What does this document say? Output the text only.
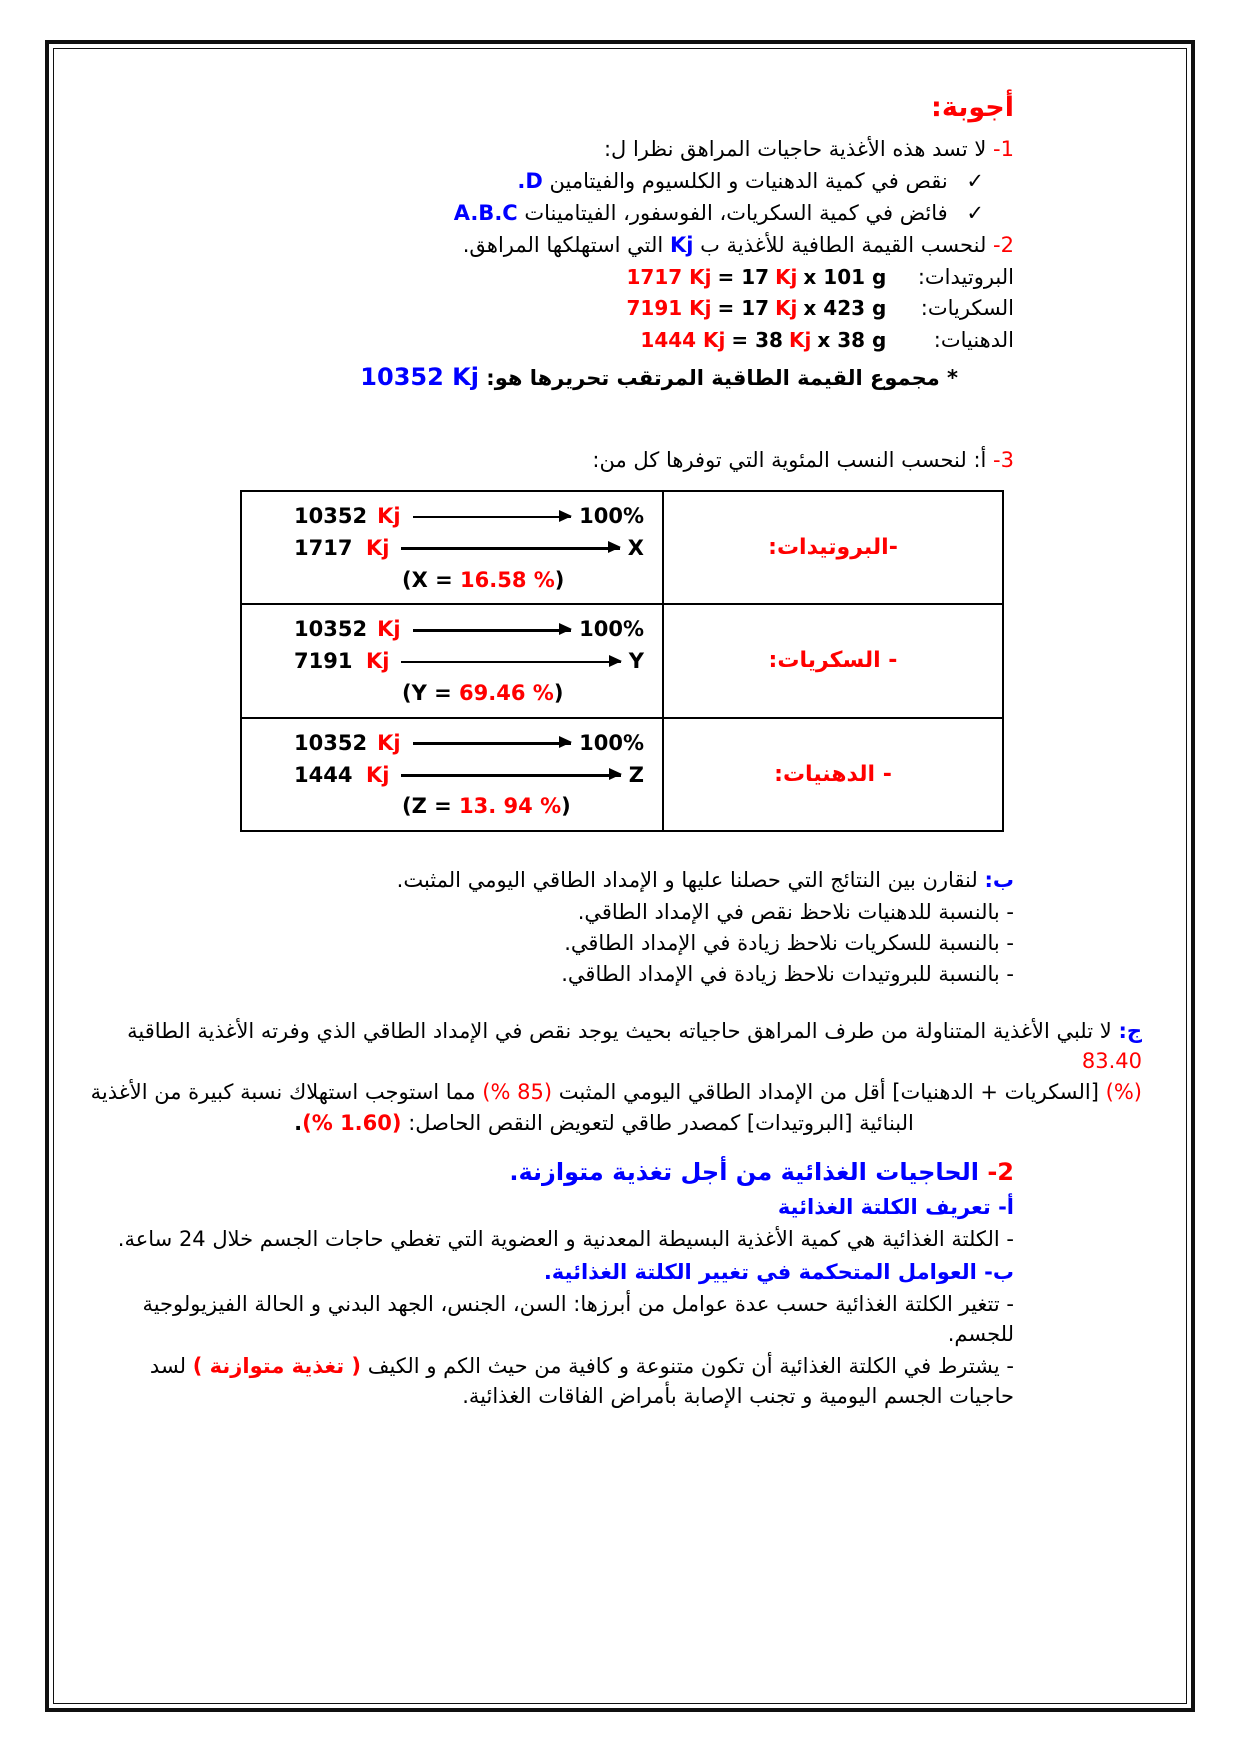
أجوبة:

1- لا تسد هذه الأغذية حاجيات المراهق نظرا ل:

✓ نقص في كمية الدهنيات و الكلسيوم والفيتامين D.

✓ فائض في كمية السكريات، الفوسفور، الفيتامينات A.B.C

2- لنحسب القيمة الطافية للأغذية ب Kj التي استهلكها المراهق.

البروتيدات: 1717 Kj = 17 Kj x 101 g

السكريات: 7191 Kj = 17 Kj x 423 g

الدهنيات: 1444 Kj = 38 Kj x 38 g

* مجموع القيمة الطاقية المرتقب تحريرها هو: 10352 Kj

3- أ: لنحسب النسب المئوية التي توفرها كل من:

-البروتيدات:	
10352 Kj	100%
1717 Kj	X
(X = 16.58 %)

- السكريات:	
10352 Kj	100%
7191 Kj	Y
(Y = 69.46 %)

- الدهنيات:	
10352 Kj	100%
1444 Kj	Z
(Z = 13. 94 %)

ب: لنقارن بين النتائج التي حصلنا عليها و الإمداد الطاقي اليومي المثبت.

- بالنسبة للدهنيات نلاحظ نقص في الإمداد الطاقي.

- بالنسبة للسكريات نلاحظ زيادة في الإمداد الطاقي.

- بالنسبة للبروتيدات نلاحظ زيادة في الإمداد الطاقي.

ج: لا تلبي الأغذية المتناولة من طرف المراهق حاجياته بحيث يوجد نقص في الإمداد الطاقي الذي وفرته الأغذية الطاقية 83.40

(%) [السكريات + الدهنيات] أقل من الإمداد الطاقي اليومي المثبت (% 85) مما استوجب استهلاك نسبة كبيرة من الأغذية

البنائية [البروتيدات] كمصدر طاقي لتعويض النقص الحاصل: (% 1.60).

2- الحاجيات الغذائية من أجل تغذية متوازنة.

أ- تعريف الكلتة الغذائية

- الكلتة الغذائية هي كمية الأغذية البسيطة المعدنية و العضوية التي تغطي حاجات الجسم خلال 24 ساعة.

ب- العوامل المتحكمة في تغيير الكلتة الغذائية.

- تتغير الكلتة الغذائية حسب عدة عوامل من أبرزها: السن، الجنس، الجهد البدني و الحالة الفيزيولوجية للجسم.

- يشترط في الكلتة الغذائية أن تكون متنوعة و كافية من حيث الكم و الكيف ( تغذية متوازنة ) لسد حاجيات الجسم اليومية و تجنب الإصابة بأمراض الفاقات الغذائية.
